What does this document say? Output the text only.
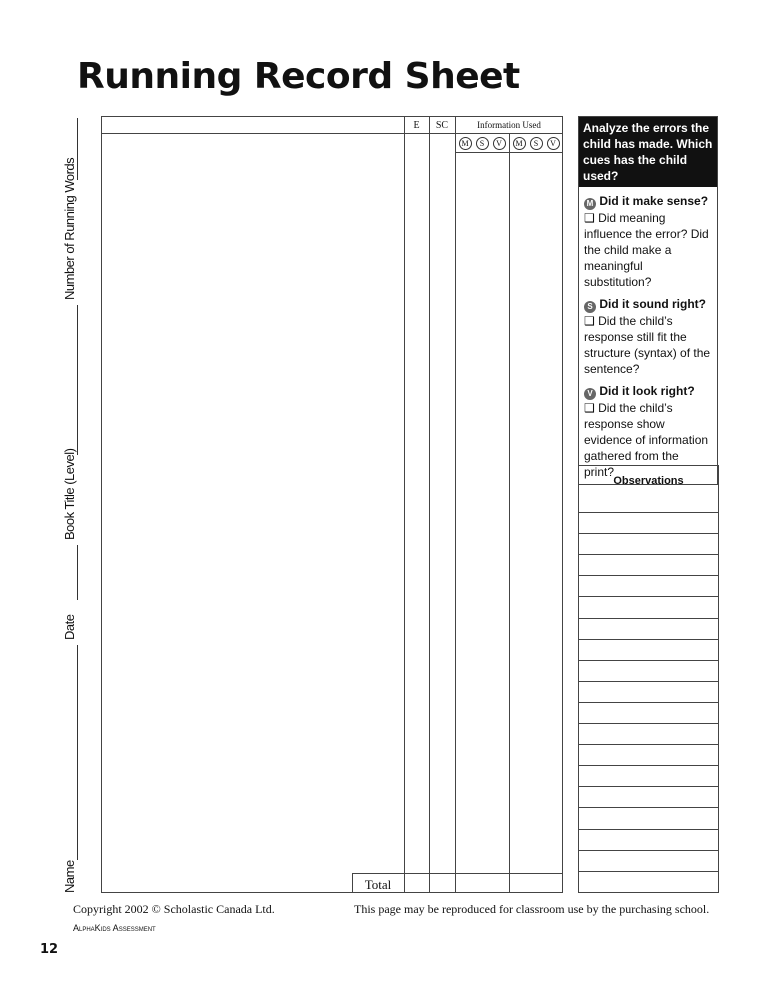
Running Record Sheet
Number of Running Words
Book Title (Level)
Date
Name
E	SC	Information Used
M S V	M S V
Total
Analyze the errors the child has made. Which cues has the child used?
M Did it make sense?
❑ Did meaning influence the error? Did the child make a meaningful substitution?
S Did it sound right?
❑ Did the child’s response still fit the structure (syntax) of the sentence?
V Did it look right?
❑ Did the child’s response show evidence of information gathered from the print?
Observations
Copyright 2002 © Scholastic Canada Ltd.	This page may be reproduced for classroom use by the purchasing school.
AlphaKids Assessment
12
